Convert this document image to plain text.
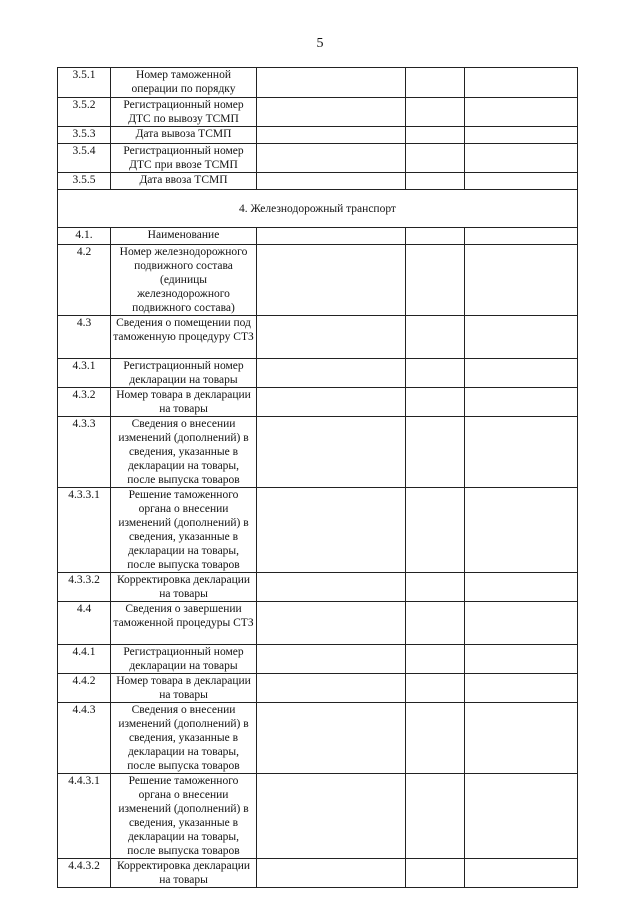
5
3.5.1	Номер таможенной операции по порядку			
3.5.2	Регистрационный номер ДТС по вывозу ТСМП			
3.5.3	Дата вывоза ТСМП			
3.5.4	Регистрационный номер ДТС при ввозе ТСМП			
3.5.5	Дата ввоза ТСМП			
4. Железнодорожный транспорт				
4.1.	Наименование			
4.2	Номер железнодорожного подвижного состава (единицы железнодорожного подвижного состава)			
4.3	Сведения о помещении под таможенную процедуру СТЗ			
4.3.1	Регистрационный номер декларации на товары			
4.3.2	Номер товара в декларации на товары			
4.3.3	Сведения о внесении изменений (дополнений) в сведения, указанные в декларации на товары, после выпуска товаров			
4.3.3.1	Решение таможенного органа о внесении изменений (дополнений) в сведения, указанные в декларации на товары, после выпуска товаров			
4.3.3.2	Корректировка декларации на товары			
4.4	Сведения о завершении таможенной процедуры СТЗ			
4.4.1	Регистрационный номер декларации на товары			
4.4.2	Номер товара в декларации на товары			
4.4.3	Сведения о внесении изменений (дополнений) в сведения, указанные в декларации на товары, после выпуска товаров			
4.4.3.1	Решение таможенного органа о внесении изменений (дополнений) в сведения, указанные в декларации на товары, после выпуска товаров			
4.4.3.2	Корректировка декларации на товары			
